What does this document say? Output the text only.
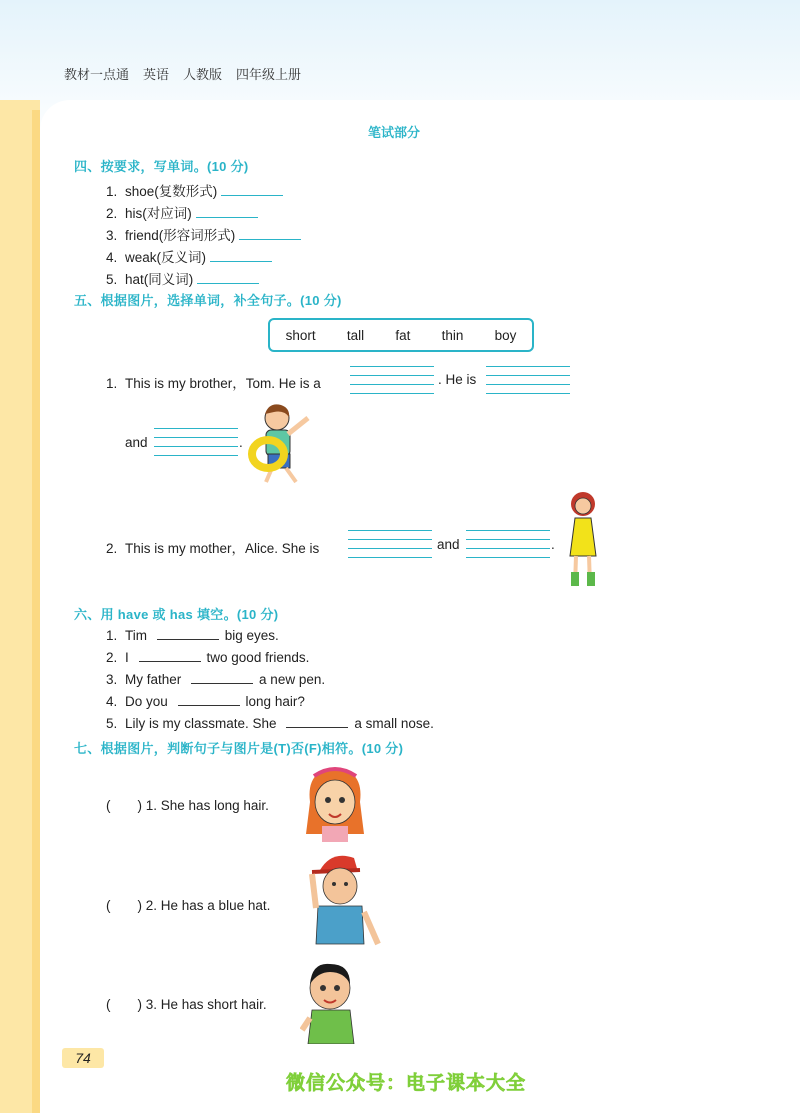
教材一点通 英语 人教版 四年级上册
笔试部分
四、按要求，写单词。(10 分)
1. shoe(复数形式)
2. his(对应词)
3. friend(形容词形式)
4. weak(反义词)
5. hat(同义词)
五、根据图片，选择单词，补全句子。(10 分)
short tall fat thin boy
1. This is my brother，Tom. He is a	. He is
and	.
2. This is my mother，Alice. She is	and	.
六、用 have 或 has 填空。(10 分)
1. Tim	big eyes.
2. I	two good friends.
3. My father	a new pen.
4. Do you	long hair?
5. Lily is my classmate. She	a small nose.
七、根据图片，判断句子与图片是(T)否(F)相符。(10 分)
(　　) 1. She has long hair.
(　　) 2. He has a blue hat.
(　　) 3. He has short hair.
74
微信公众号：电子课本大全
